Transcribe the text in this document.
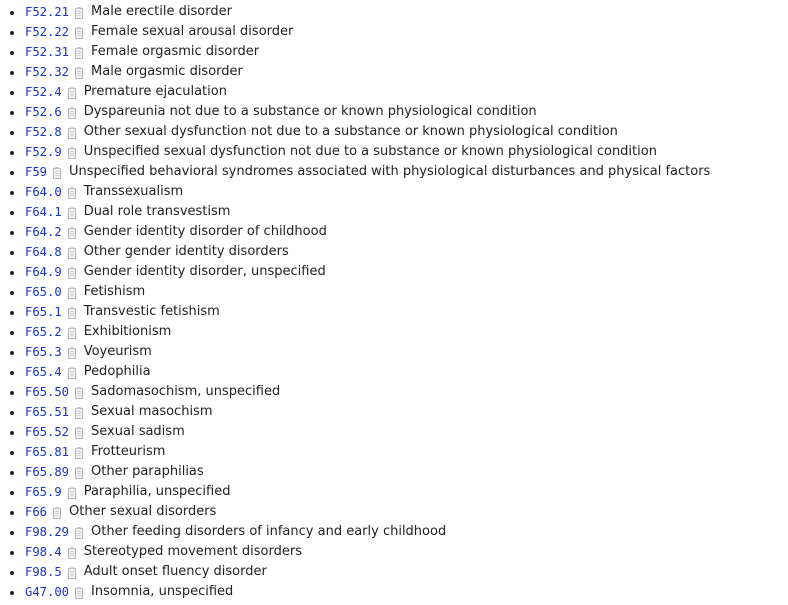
F52.21 Male erectile disorder
F52.22 Female sexual arousal disorder
F52.31 Female orgasmic disorder
F52.32 Male orgasmic disorder
F52.4 Premature ejaculation
F52.6 Dyspareunia not due to a substance or known physiological condition
F52.8 Other sexual dysfunction not due to a substance or known physiological condition
F52.9 Unspecified sexual dysfunction not due to a substance or known physiological condition
F59 Unspecified behavioral syndromes associated with physiological disturbances and physical factors
F64.0 Transsexualism
F64.1 Dual role transvestism
F64.2 Gender identity disorder of childhood
F64.8 Other gender identity disorders
F64.9 Gender identity disorder, unspecified
F65.0 Fetishism
F65.1 Transvestic fetishism
F65.2 Exhibitionism
F65.3 Voyeurism
F65.4 Pedophilia
F65.50 Sadomasochism, unspecified
F65.51 Sexual masochism
F65.52 Sexual sadism
F65.81 Frotteurism
F65.89 Other paraphilias
F65.9 Paraphilia, unspecified
F66 Other sexual disorders
F98.29 Other feeding disorders of infancy and early childhood
F98.4 Stereotyped movement disorders
F98.5 Adult onset fluency disorder
G47.00 Insomnia, unspecified
